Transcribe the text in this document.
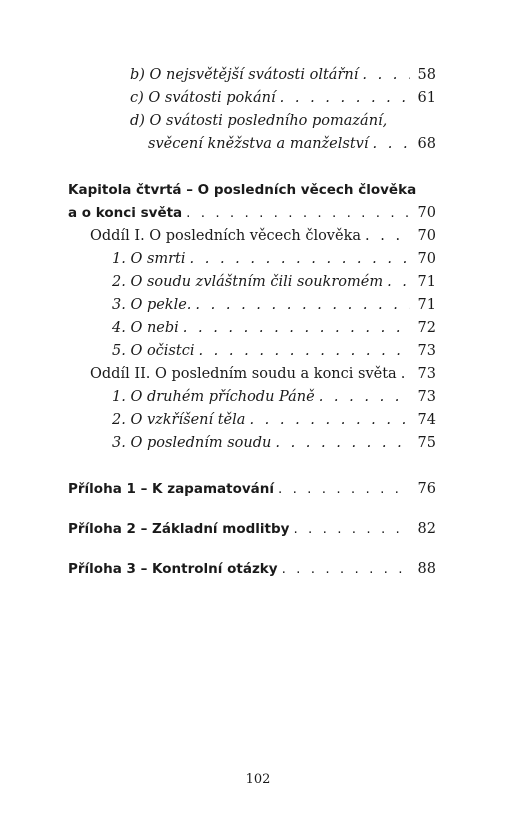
b) O nejsvětější svátosti oltářní . . .	58
c) O svátosti pokání . . .	61
d) O svátosti posledního pomazání,
svěcení kněžstva a manželství . . .	68
Kapitola čtvrtá – O posledních věcech člověka
a o konci světa . . .	70
Oddíl I. O posledních věcech člověka . . .	70
1. O smrti . . .	70
2. O soudu zvláštním čili soukromém . . . 71
3. O pekle. . . .	71
4. O nebi . . .	72
5. O očistci . . .	73
Oddíl II. O posledním soudu a konci světa . . . 73
1. O druhém příchodu Páně . . .	73
2. O vzkříšení těla . . .	74
3. O posledním soudu . . .	75
Příloha 1 – K zapamatování . . .	76
Příloha 2 – Základní modlitby . . .	82
Příloha 3 – Kontrolní otázky . . .	88
102
